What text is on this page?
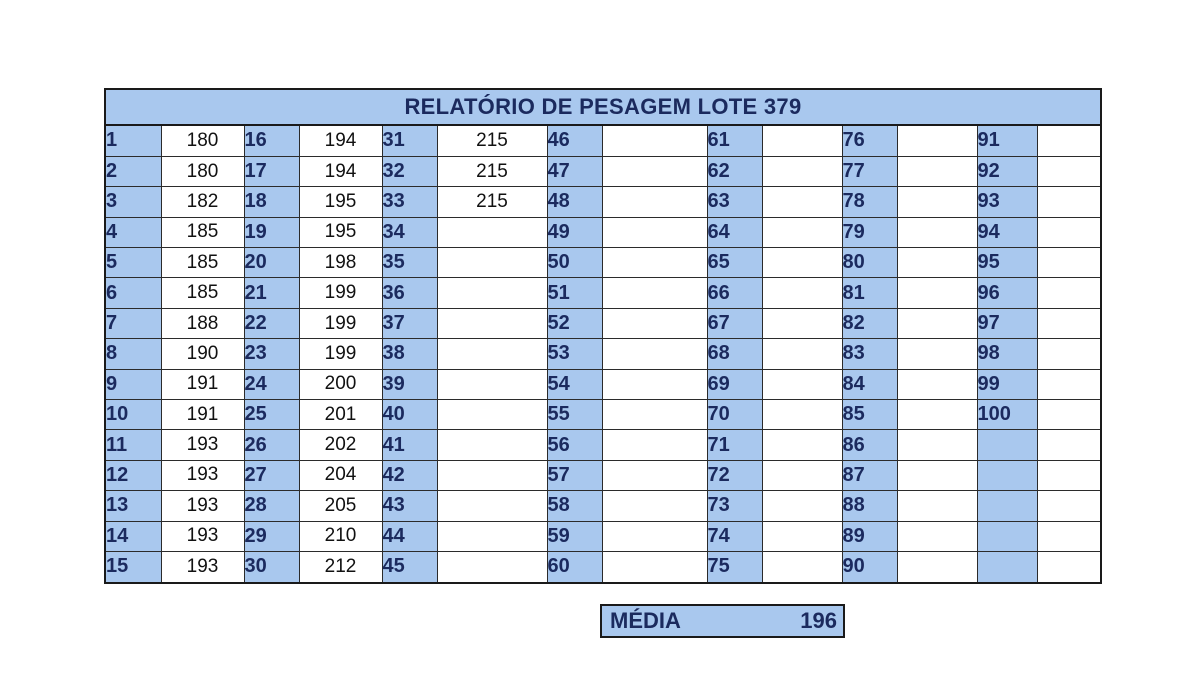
RELATÓRIO DE PESAGEM LOTE 379
1	180	16	194	31	215	46		61		76		91	
2	180	17	194	32	215	47		62		77		92	
3	182	18	195	33	215	48		63		78		93	
4	185	19	195	34		49		64		79		94	
5	185	20	198	35		50		65		80		95	
6	185	21	199	36		51		66		81		96	
7	188	22	199	37		52		67		82		97	
8	190	23	199	38		53		68		83		98	
9	191	24	200	39		54		69		84		99	
10	191	25	201	40		55		70		85		100	
11	193	26	202	41		56		71		86			
12	193	27	204	42		57		72		87			
13	193	28	205	43		58		73		88			
14	193	29	210	44		59		74		89			
15	193	30	212	45		60		75		90			
MÉDIA	196
